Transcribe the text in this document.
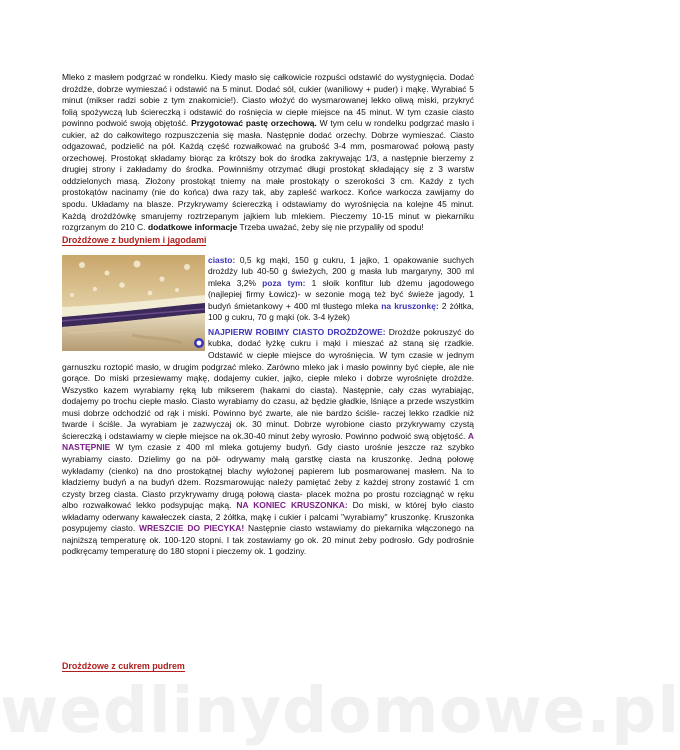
Mleko z masłem podgrzać w rondelku. Kiedy masło się całkowicie rozpuści odstawić do wystygnięcia. Dodać drożdże, dobrze wymieszać i odstawić na 5 minut. Dodać sól, cukier (waniliowy + puder) i mąkę. Wyrabiać 5 minut (mikser radzi sobie z tym znakomicie!). Ciasto włożyć do wysmarowanej lekko oliwą miski, przykryć folią spożywczą lub ściereczką i odstawić do rośnięcia w ciepłe miejsce na 45 minut. W tym czasie ciasto powinno podwoić swoją objętość. Przygotować pastę orzechową. W tym celu w rondelku podgrzać masło i cukier, aż do całkowitego rozpuszczenia się masła. Następnie dodać orzechy. Dobrze wymieszać. Ciasto odgazować, podzielić na pół. Każdą część rozwałkować na grubość 3-4 mm, posmarować połową pasty orzechowej. Prostokąt składamy biorąc za krótszy bok do środka zakrywając 1/3, a następnie bierzemy z drugiej strony i zakładamy do środka. Powinniśmy otrzymać długi prostokąt składający się z 3 warstw oddzielonych masą. Złożony prostokąt tniemy na małe prostokąty o szerokości 3 cm. Każdy z tych prostokątów nacinamy (nie do końca) dwa razy tak, aby zapleść warkocz. Końce warkocza zawijamy do spodu. Układamy na blasze. Przykrywamy ściereczką i odstawiamy do wyrośnięcia na kolejne 45 minut. Każdą drożdżówkę smarujemy roztrzepanym jajkiem lub mlekiem. Pieczemy 10-15 minut w piekarniku rozgrzanym do 210 C. dodatkowe informacje Trzeba uważać, żeby się nie przypaliły od spodu!

Drożdżowe z budyniem i jagodami

ciasto: 0,5 kg mąki, 150 g cukru, 1 jajko, 1 opakowanie suchych drożdży lub 40-50 g świeżych, 200 g masła lub margaryny, 300 ml mleka 3,2% poza tym: 1 słoik konfitur lub dżemu jagodowego (najlepiej firmy Łowicz)- w sezonie mogą też być świeże jagody, 1 budyń śmietankowy + 400 ml tłustego mleka na kruszonkę: 2 żółtka, 100 g cukru, 70 g mąki (ok. 3-4 łyżek)

NAJPIERW ROBIMY CIASTO DROŻDŻOWE: Drożdże pokruszyć do kubka, dodać łyżkę cukru i mąki i mieszać aż staną się rzadkie. Odstawić w ciepłe miejsce do wyrośnięcia. W tym czasie w jednym garnuszku roztopić masło, w drugim podgrzać mleko. Zarówno mleko jak i masło powinny być ciepłe, ale nie gorące. Do miski przesiewamy mąkę, dodajemy cukier, jajko, ciepłe mleko i dobrze wyrośnięte drożdże. Wszystko kazem wyrabiamy ręką lub mikserem (hakami do ciasta). Następnie, cały czas wyrabiając, dodajemy po trochu ciepłe masło. Ciasto wyrabiamy do czasu, aż będzie gładkie, lśniące a przede wszystkim musi dobrze odchodzić od rąk i miski. Powinno być zwarte, ale nie bardzo ściśle- raczej lekko rzadkie niż twarde i ściśle. Ja wyrabiam je zazwyczaj ok. 30 minut. Dobrze wyrobione ciasto przykrywamy czystą ściereczką i odstawiamy w ciepłe miejsce na ok.30-40 minut żeby wyrosło. Powinno podwoić swą objętość. A NASTĘPNIE W tym czasie z 400 ml mleka gotujemy budyń. Gdy ciasto urośnie jeszcze raz szybko wyrabiamy ciasto. Dzielimy go na pół- odrywamy małą garstkę ciasta na kruszonkę. Jedną połowę wykładamy (cienko) na dno prostokątnej blachy wyłożonej papierem lub posmarowanej masłem. Na to kładziemy budyń a na budyń dżem. Rozsmarowując należy pamiętać żeby z każdej strony zostawić 1 cm czysty brzeg ciasta. Ciasto przykrywamy drugą połową ciasta- placek można po prostu rozciągnąć w ręku albo rozwałkować lekko podsypując mąką. NA KONIEC KRUSZONKA: Do miski, w której było ciasto wkładamy oderwany kawałeczek ciasta, 2 żółtka, mąkę i cukier i palcami "wyrabiamy" kruszonkę. Kruszonka posypujemy ciasto. WRESZCIE DO PIECYKA! Następnie ciasto wstawiamy do piekarnika włączonego na najniższą temperaturę ok. 100-120 stopni. I tak zostawiamy go ok. 20 minut żeby podrosło. Gdy podrośnie podkręcamy temperaturę do 180 stopni i pieczemy ok. 1 godziny.

Drożdżowe z cukrem pudrem
wedlinydomowe.pl
